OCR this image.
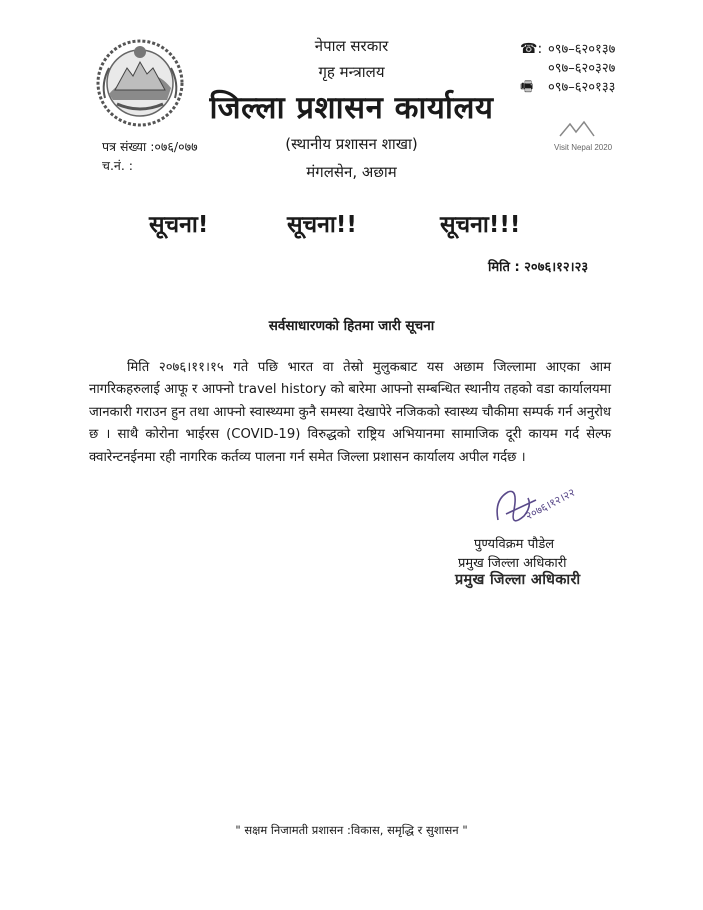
नेपाल सरकार
गृह मन्त्रालय
जिल्ला प्रशासन कार्यालय
(स्थानीय प्रशासन शाखा)
मंगलसेन, अछाम
☎: ०९७–६२०१३७
०९७–६२०३२७
🖷	०९७–६२०१३३
Visit Nepal 2020
पत्र संख्या :०७६/०७७
च.नं. :
सूचना!	सूचना!!	सूचना!!!
मिति : २०७६।१२।२३
सर्वसाधारणको हितमा जारी सूचना

मिति २०७६।११।१५ गते पछि भारत वा तेस्रो मुलुकबाट यस अछाम जिल्लामा आएका आम नागरिकहरुलाई आफू र आफ्नो travel history को बारेमा आफ्नो सम्बन्धित स्थानीय तहको वडा कार्यालयमा जानकारी गराउन हुन तथा आफ्नो स्वास्थ्यमा कुनै समस्या देखापेरे नजिकको स्वास्थ्य चौकीमा सम्पर्क गर्न अनुरोध छ । साथै कोरोना भाईरस (COVID-19) विरुद्धको राष्ट्रिय अभियानमा सामाजिक दूरी कायम गर्द सेल्फ क्वारेन्टनईनमा रही नागरिक कर्तव्य पालना गर्न समेत जिल्ला प्रशासन कार्यालय अपील गर्दछ ।

२०७६।१२।२२
पुण्यविक्रम पौडेल
प्रमुख जिल्ला अधिकारी
प्रमुख जिल्ला अधिकारी
" सक्षम निजामती प्रशासन :विकास, समृद्धि र सुशासन "
